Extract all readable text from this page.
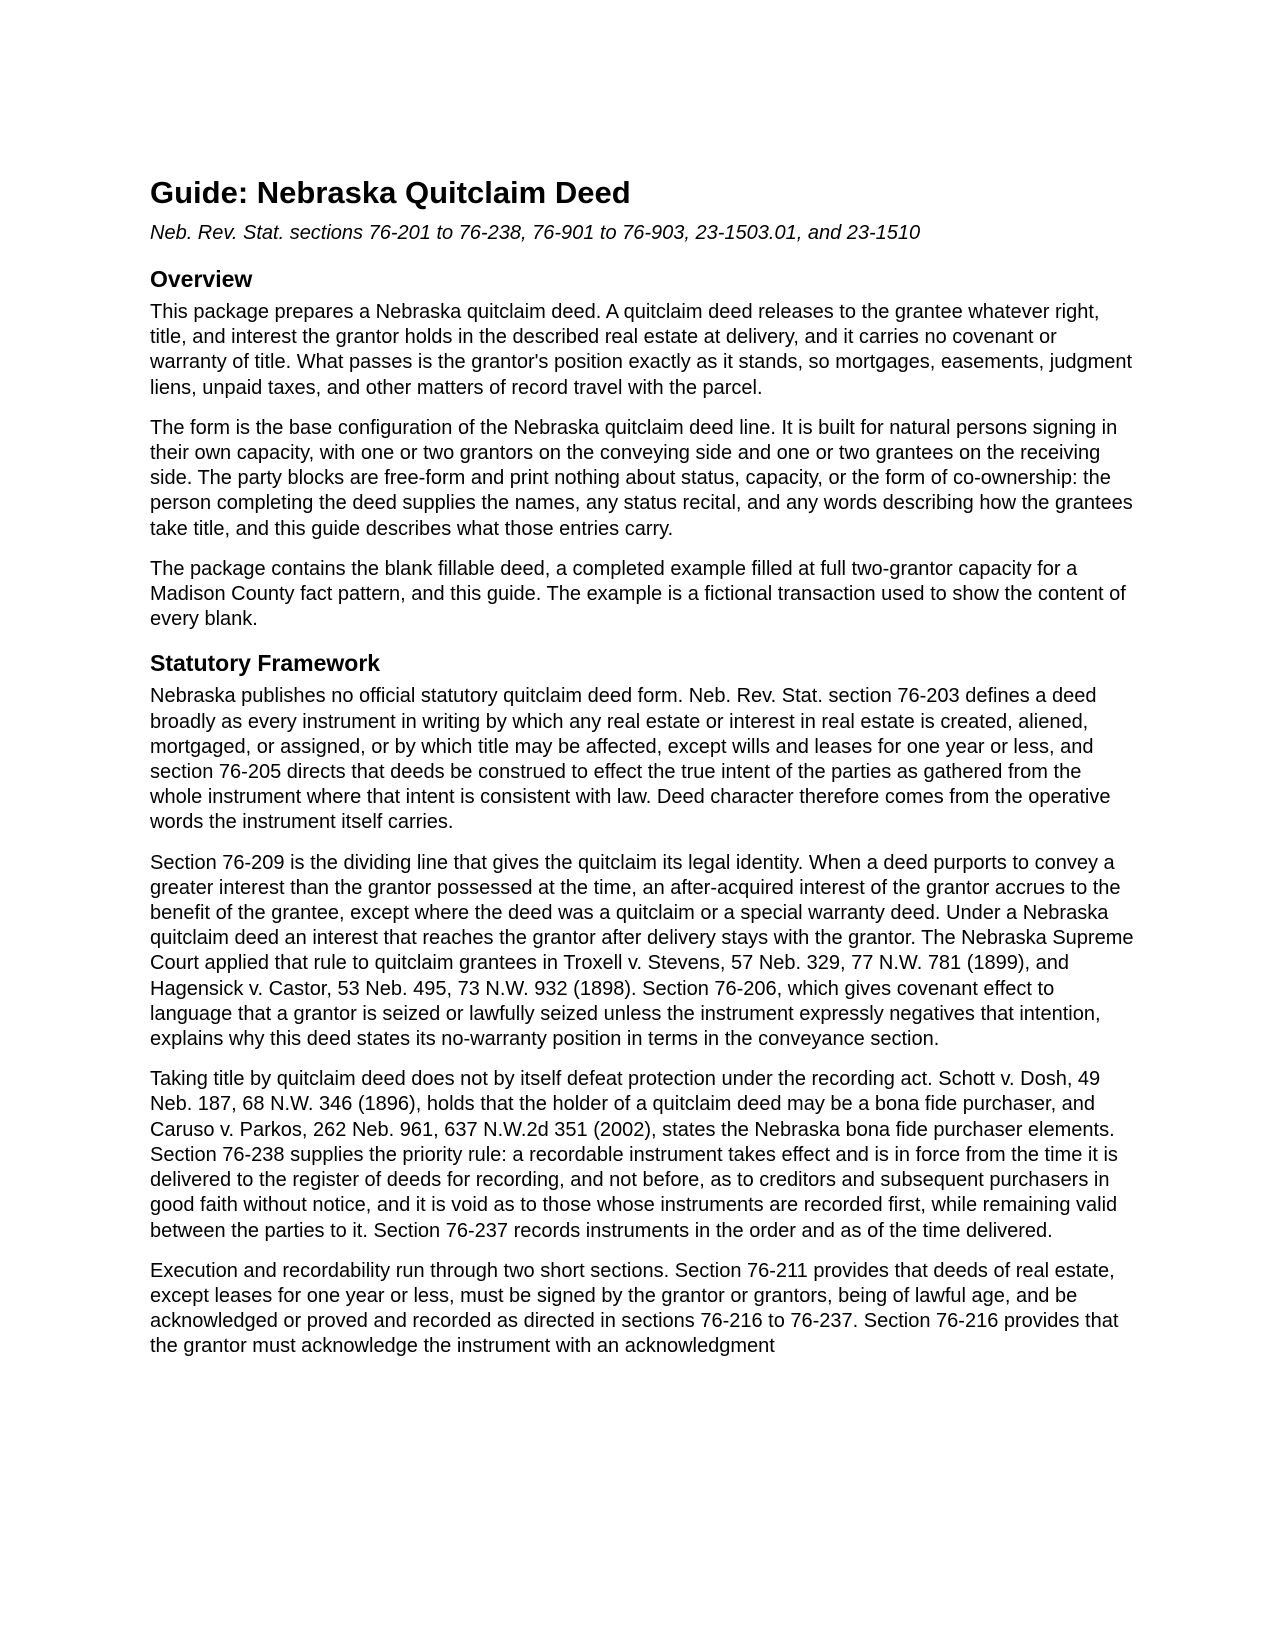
Guide: Nebraska Quitclaim Deed
Neb. Rev. Stat. sections 76-201 to 76-238, 76-901 to 76-903, 23-1503.01, and 23-1510
Overview

This package prepares a Nebraska quitclaim deed. A quitclaim deed releases to the grantee whatever right, title, and interest the grantor holds in the described real estate at delivery, and it carries no covenant or warranty of title. What passes is the grantor's position exactly as it stands, so mortgages, easements, judgment liens, unpaid taxes, and other matters of record travel with the parcel.

The form is the base configuration of the Nebraska quitclaim deed line. It is built for natural persons signing in their own capacity, with one or two grantors on the conveying side and one or two grantees on the receiving side. The party blocks are free-form and print nothing about status, capacity, or the form of co-ownership: the person completing the deed supplies the names, any status recital, and any words describing how the grantees take title, and this guide describes what those entries carry.

The package contains the blank fillable deed, a completed example filled at full two-grantor capacity for a Madison County fact pattern, and this guide. The example is a fictional transaction used to show the content of every blank.

Statutory Framework

Nebraska publishes no official statutory quitclaim deed form. Neb. Rev. Stat. section 76-203 defines a deed broadly as every instrument in writing by which any real estate or interest in real estate is created, aliened, mortgaged, or assigned, or by which title may be affected, except wills and leases for one year or less, and section 76-205 directs that deeds be construed to effect the true intent of the parties as gathered from the whole instrument where that intent is consistent with law. Deed character therefore comes from the operative words the instrument itself carries.

Section 76-209 is the dividing line that gives the quitclaim its legal identity. When a deed purports to convey a greater interest than the grantor possessed at the time, an after-acquired interest of the grantor accrues to the benefit of the grantee, except where the deed was a quitclaim or a special warranty deed. Under a Nebraska quitclaim deed an interest that reaches the grantor after delivery stays with the grantor. The Nebraska Supreme Court applied that rule to quitclaim grantees in Troxell v. Stevens, 57 Neb. 329, 77 N.W. 781 (1899), and Hagensick v. Castor, 53 Neb. 495, 73 N.W. 932 (1898). Section 76-206, which gives covenant effect to language that a grantor is seized or lawfully seized unless the instrument expressly negatives that intention, explains why this deed states its no-warranty position in terms in the conveyance section.

Taking title by quitclaim deed does not by itself defeat protection under the recording act. Schott v. Dosh, 49 Neb. 187, 68 N.W. 346 (1896), holds that the holder of a quitclaim deed may be a bona fide purchaser, and Caruso v. Parkos, 262 Neb. 961, 637 N.W.2d 351 (2002), states the Nebraska bona fide purchaser elements. Section 76-238 supplies the priority rule: a recordable instrument takes effect and is in force from the time it is delivered to the register of deeds for recording, and not before, as to creditors and subsequent purchasers in good faith without notice, and it is void as to those whose instruments are recorded first, while remaining valid between the parties to it. Section 76-237 records instruments in the order and as of the time delivered.

Execution and recordability run through two short sections. Section 76-211 provides that deeds of real estate, except leases for one year or less, must be signed by the grantor or grantors, being of lawful age, and be acknowledged or proved and recorded as directed in sections 76-216 to 76-237. Section 76-216 provides that the grantor must acknowledge the instrument with an acknowledgment
